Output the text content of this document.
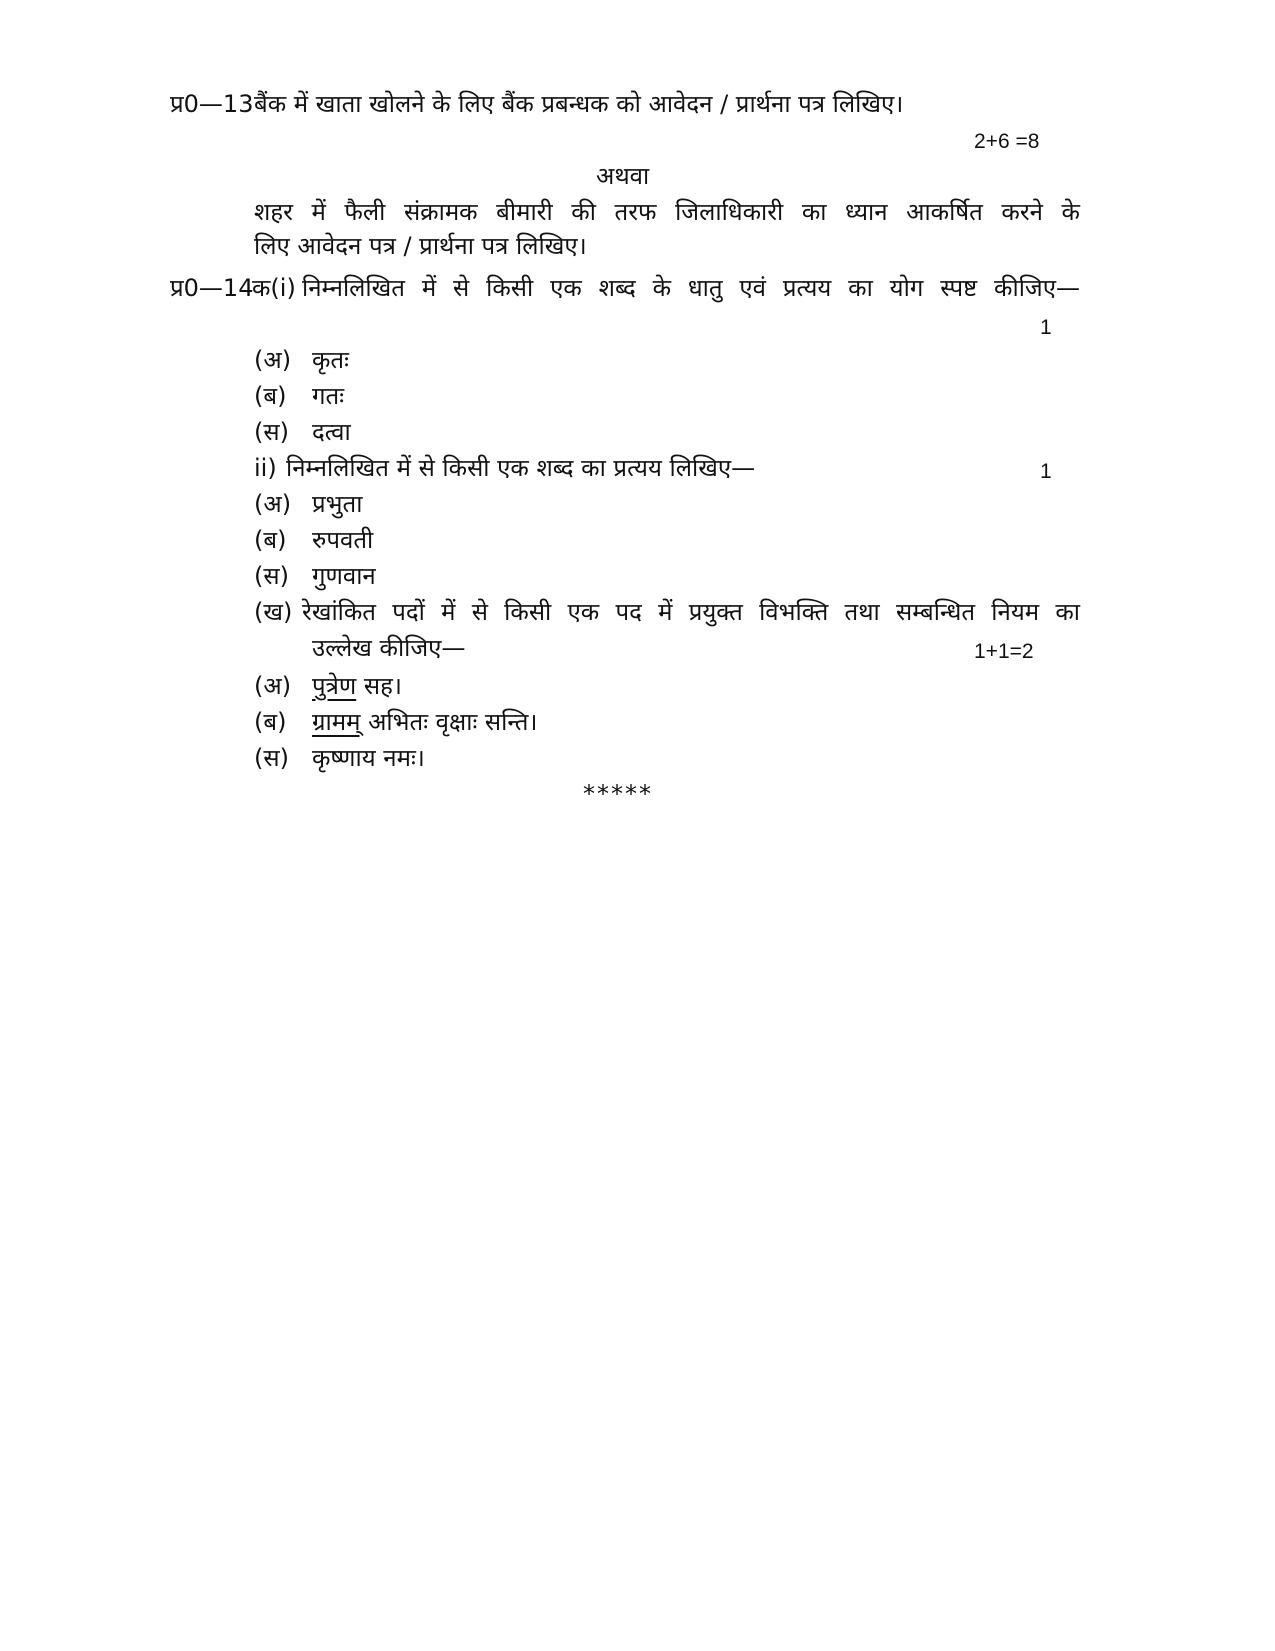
प्र0—13 बैंक में खाता खोलने के लिए बैंक प्रबन्धक को आवेदन / प्रार्थना पत्र लिखिए।
2+6 =8
अथवा
शहर में फैली संक्रामक बीमारी की तरफ जिलाधिकारी का ध्यान आकर्षित करने के
लिए आवेदन पत्र / प्रार्थना पत्र लिखिए।
प्र0—14
क(i) निम्नलिखित में से किसी एक शब्द के धातु एवं प्रत्यय का योग स्पष्ट कीजिए—
1
(अ) कृतः
(ब) गतः
(स) दत्वा
ii) निम्नलिखित में से किसी एक शब्द का प्रत्यय लिखिए—	1
(अ) प्रभुता
(ब) रुपवती
(स) गुणवान
(ख) रेखांकित पदों में से किसी एक पद में प्रयुक्त विभक्ति तथा सम्बन्धित नियम का
उल्लेख कीजिए—	1+1=2
(अ) पुत्रेण सह।
(ब) ग्रामम् अभितः वृक्षाः सन्ति।
(स) कृष्णाय नमः।
*****
